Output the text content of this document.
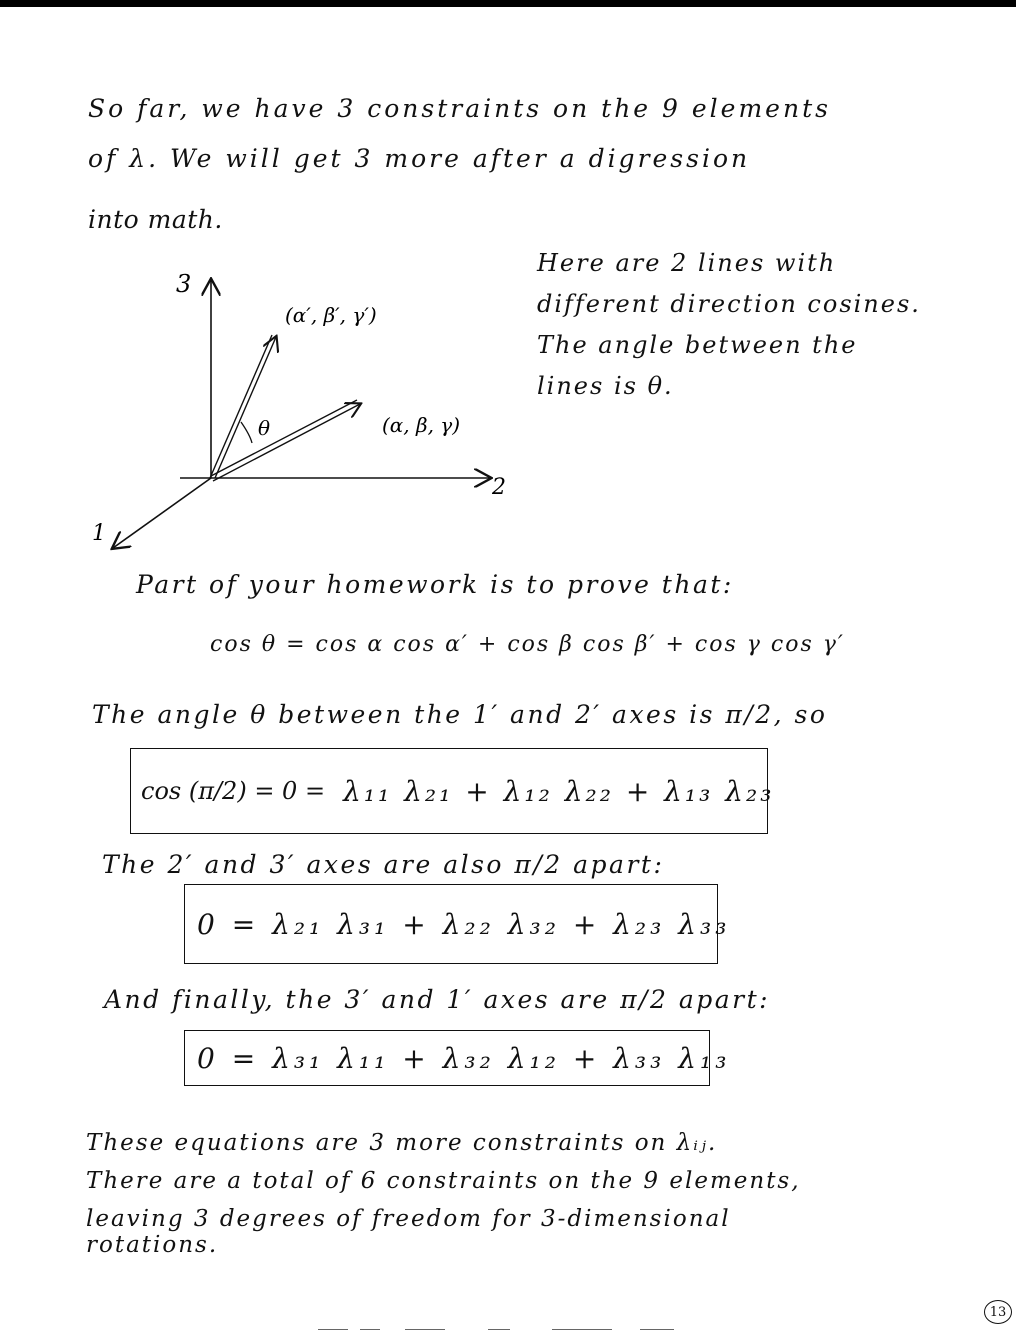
So far, we have 3 constraints on the 9 elements
of λ. We will get 3 more after a digression
into math.
3
2
1
(α′, β′, γ′)
(α, β, γ)
θ
Here are 2 lines with
different direction cosines.
The angle between the
lines is θ.
Part of your homework is to prove that:
cos θ = cos α cos α′ + cos β cos β′ + cos γ cos γ′
The angle θ between the 1′ and 2′ axes is π/2, so
cos (π/2) = 0 = λ₁₁ λ₂₁ + λ₁₂ λ₂₂ + λ₁₃ λ₂₃
The 2′ and 3′ axes are also π/2 apart:
0 = λ₂₁ λ₃₁ + λ₂₂ λ₃₂ + λ₂₃ λ₃₃
And finally, the 3′ and 1′ axes are π/2 apart:
0 = λ₃₁ λ₁₁ + λ₃₂ λ₁₂ + λ₃₃ λ₁₃
These equations are 3 more constraints on λᵢⱼ.
There are a total of 6 constraints on the 9 elements,
leaving 3 degrees of freedom for 3-dimensional
rotations.
13
